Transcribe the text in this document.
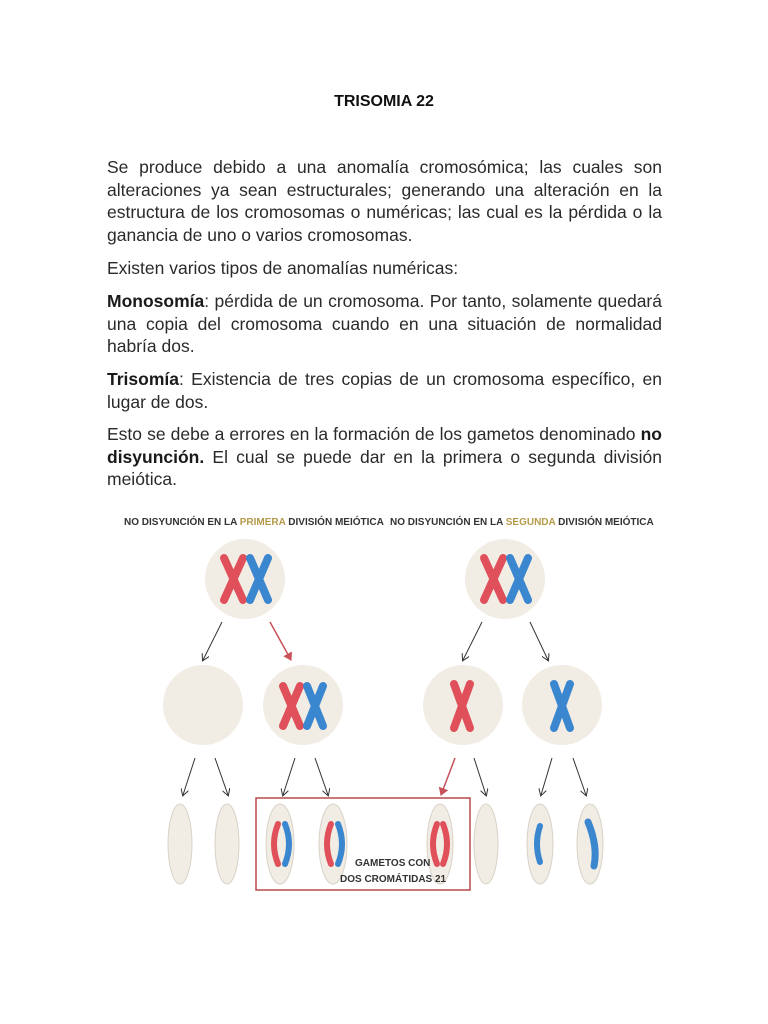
TRISOMIA 22
Se produce debido a una anomalía cromosómica; las cuales son alteraciones ya sean estructurales; generando una alteración en la estructura de los cromosomas o numéricas; las cual es la pérdida o la ganancia de uno o varios cromosomas.
Existen varios tipos de anomalías numéricas:
Monosomía: pérdida de un cromosoma. Por tanto, solamente quedará una copia del cromosoma cuando en una situación de normalidad habría dos.
Trisomía: Existencia de tres copias de un cromosoma específico, en lugar de dos.
Esto se debe a errores en la formación de los gametos denominado no disyunción. El cual se puede dar en la primera o segunda división meiótica.
NO DISYUNCIÓN EN LA PRIMERA DIVISIÓN MEIÓTICA NO DISYUNCIÓN EN LA SEGUNDA DIVISIÓN MEIÓTICA
GAMETOS CON
DOS CROMÁTIDAS 21
